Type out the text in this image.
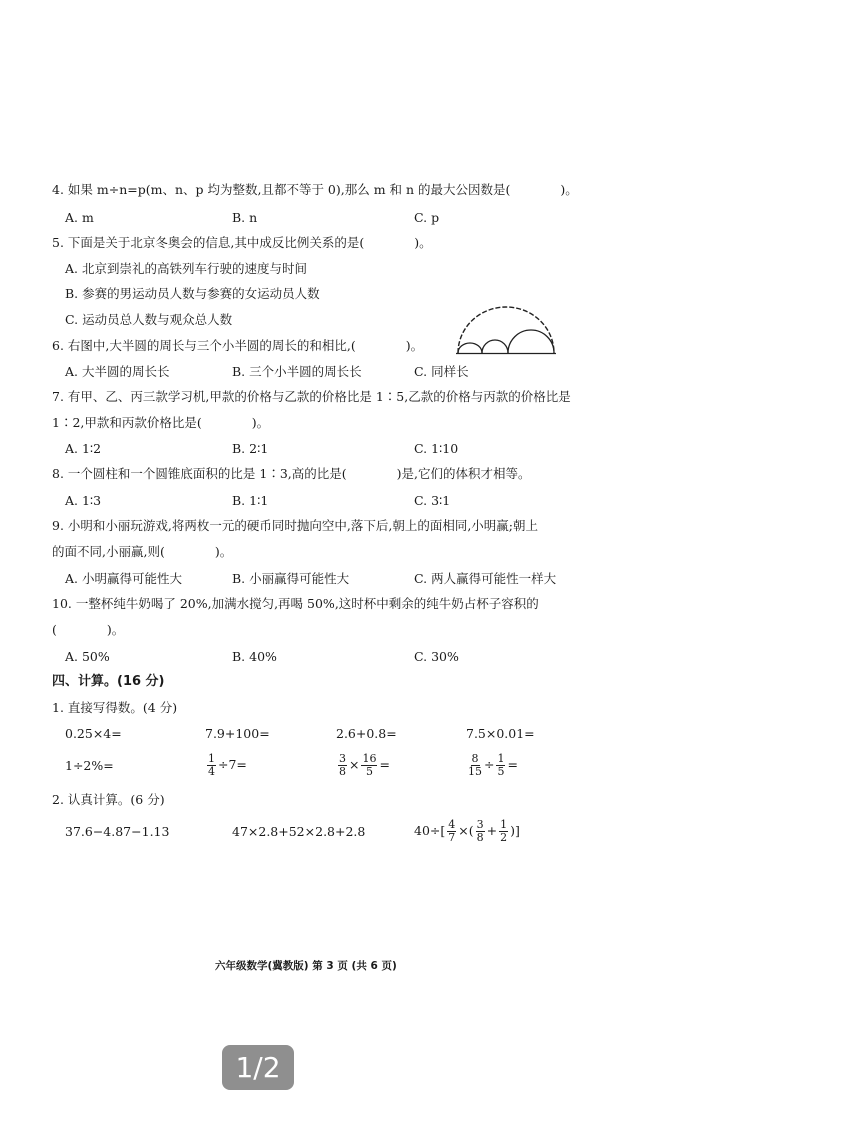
4. 如果 m÷n=p(m、n、p 均为整数,且都不等于 0),那么 m 和 n 的最大公因数是(　　　　)。
A. m	B. n	C. p
5. 下面是关于北京冬奥会的信息,其中成反比例关系的是(　　　　)。
A. 北京到崇礼的高铁列车行驶的速度与时间
B. 参赛的男运动员人数与参赛的女运动员人数
C. 运动员总人数与观众总人数
6. 右图中,大半圆的周长与三个小半圆的周长的和相比,(　　　　)。
A. 大半圆的周长长	B. 三个小半圆的周长长	C. 同样长
7. 有甲、乙、丙三款学习机,甲款的价格与乙款的价格比是 1∶5,乙款的价格与丙款的价格比是
1∶2,甲款和丙款价格比是(　　　　)。
A. 1∶2	B. 2∶1	C. 1∶10
8. 一个圆柱和一个圆锥底面积的比是 1∶3,高的比是(　　　　)是,它们的体积才相等。
A. 1∶3	B. 1∶1	C. 3∶1
9. 小明和小丽玩游戏,将两枚一元的硬币同时抛向空中,落下后,朝上的面相同,小明赢;朝上
的面不同,小丽赢,则(　　　　)。
A. 小明赢得可能性大	B. 小丽赢得可能性大	C. 两人赢得可能性一样大
10. 一整杯纯牛奶喝了 20%,加满水搅匀,再喝 50%,这时杯中剩余的纯牛奶占杯子容积的
(　　　　)。
A. 50%	B. 40%	C. 30%
四、计算。(16 分)
1. 直接写得数。(4 分)
0.25×4=	7.9+100=	2.6+0.8=	7.5×0.01=
1÷2%=	$\frac{1}{4} \div 7=$	$\frac{3}{8} \times \frac{16}{5}$ =	$\frac{8}{15} \div \frac{1}{5}$ =
2. 认真计算。(6 分)
37.6−4.87−1.13	47×2.8+52×2.8+2.8	$40\div[ \frac{4}{7}$ ×( $\frac{3}{8} + \frac{1}{2}$ )]
六年级数学(冀教版) 第 3 页 (共 6 页)
1/2
